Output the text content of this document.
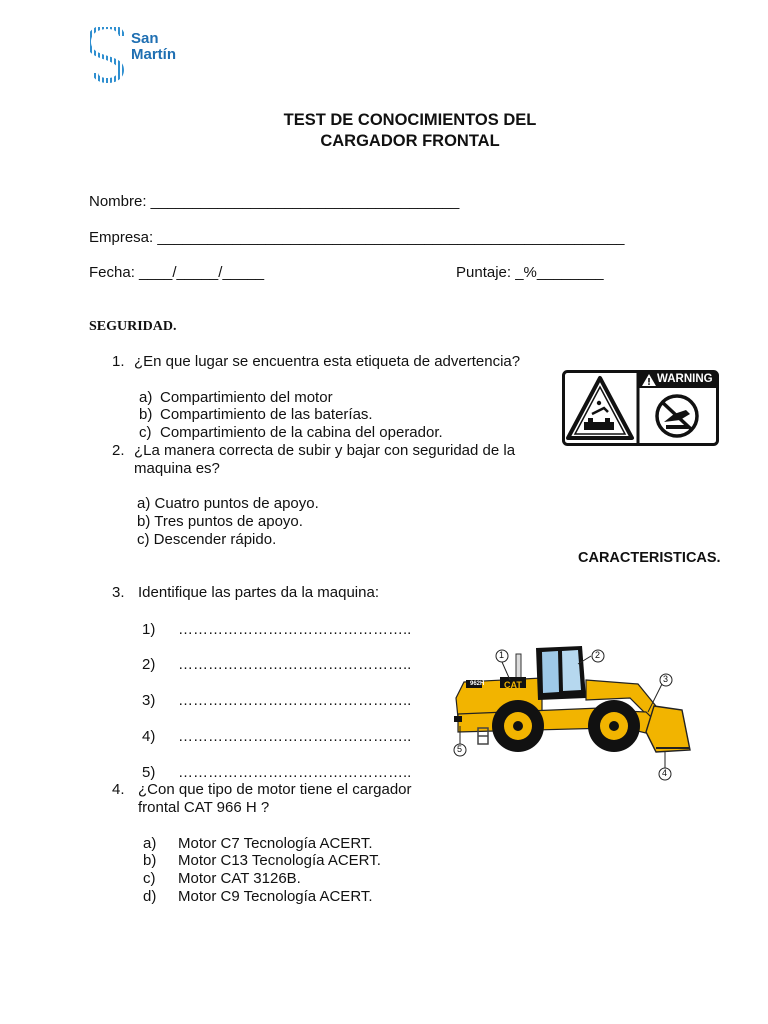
San
Martín
TEST DE CONOCIMIENTOS DEL
CARGADOR FRONTAL
Nombre: _____________________________________
Empresa: ________________________________________________________
Fecha: ____/_____/_____	Puntaje: _%________
SEGURIDAD.
1. ¿En que lugar se encuentra esta etiqueta de advertencia?
a) Compartimiento del motor
b) Compartimiento de las baterías.
c) Compartimiento de la cabina del operador.
WARNING
2. ¿La manera correcta de subir y bajar con seguridad de la
maquina es?
a) Cuatro puntos de apoyo.
b) Tres puntos de apoyo.
c) Descender rápido.
CARACTERISTICAS.
3. Identifique las partes da la maquina:
1) ………………………………………..
2) ………………………………………..
3) ………………………………………..
4) ………………………………………..
5) ………………………………………..
CAT
962H
1	2
3
4
5
4. ¿Con que tipo de motor tiene el cargador
frontal CAT 966 H ?
a) Motor C7 Tecnología ACERT.
b) Motor C13 Tecnología ACERT.
c) Motor CAT 3126B.
d) Motor C9 Tecnología ACERT.
